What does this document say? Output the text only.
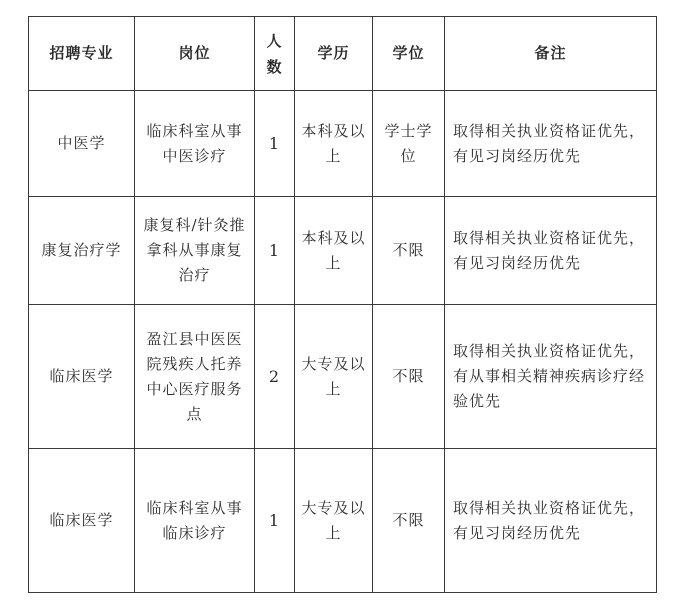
招聘专业	岗位	人数	学历	学位	备注
中医学	临床科室从事中医诊疗	1	本科及以上	学士学位	取得相关执业资格证优先，有见习岗经历优先
康复治疗学	康复科/针灸推拿科从事康复治疗	1	本科及以上	不限	取得相关执业资格证优先，有见习岗经历优先
临床医学	盈江县中医医院残疾人托养中心医疗服务点	2	大专及以上	不限	取得相关执业资格证优先，有从事相关精神疾病诊疗经验优先
临床医学	临床科室从事临床诊疗	1	大专及以上	不限	取得相关执业资格证优先，有见习岗经历优先
